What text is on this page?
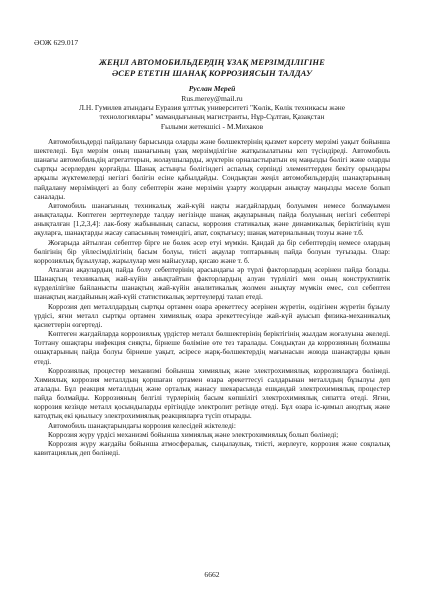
ӘОЖ 629.017
ЖЕҢІЛ АВТОМОБИЛЬДЕРДІҢ ҰЗАҚ МЕРЗІМДІЛІГІНЕ
ӘСЕР ЕТЕТІН ШАНАҚ КОРРОЗИЯСЫН ТАЛДАУ
Руслан Мерей
Rus.merey@mail.ru
Л.Н. Гумилев атындағы Еуразия ұлттық университеті "Көлік, Көлік техникасы және
технологиялары" мамандығының магистранты, Нұр-Сұлтан, Қазақстан
Ғылыми жетекшісі - М.Михаков

Автомобильдерді пайдалану барысында оларды және бөлшектерінің қызмет көрсету мерзімі уақыт бойынша шектеледі. Бұл мерзім оның шанағының ұзақ мерзімділігіне жатқызылатыны кеп түсіндіреді. Автомобиль шанағы автомобильдің агрегаттерын, жолаушыларды, жүктерін орналастыратын ең маңызды бөлігі және оларды сыртқы әсерлерден қорғайды. Шанақ астыңғы бөлігіндегі аспалық серпінді элементтерден бекіту орындары арқылы жүктемелерді негізгі бөлігін есіне қабылдайды. Сондықтан жеңіл автомобильдердің шанақтарының пайдалану мерзіміндегі аз болу себептерін және мерзімін ұзарту жолдарын анықтау маңызды мәселе болып саналады.

Автомобиль шанағының техникалық жай-күйі нақты жағдайлардың болуымен немесе болмауымен анықталады. Көптеген зерттеулерде талдау негізінде шанақ ақауларының пайда болуының негізгі себептері анықталған [1,2,3,4]: лак-бояу жабынының сапасы, коррозия статикалық және динамикалық беріктігінің күш ақуларға, шанақтарды жасау сапасының төмендігі, апат, соқтығысу; шанақ материалының тозуы және т.б.

Жоғарыда айтылған себептер бірге не бөлек әсер етуі мүмкін. Қандай да бір себептердің немесе олардың бөлігінің бір уйлесімділігінің басым болуы, тиісті ақаулар топтарының пайда болуын туғызады. Олар: коррозиялық бұзылулар, жарылулар мен майысулар, қисаю және т. б.

Аталған ақаулардың пайда болу себептерінің арасындағы әр түрлі факторлардың әсерінен пайда болады. Шанақтың техникалық жай-күйін анықтайтын факторлардың алуан түрлілігі мен оның конструктивтік күрделілігіне байланысты шанақтың жай-күйін аналитикалық жолмен анықтау мүмкін емес, сол себептен шанақтың жағдайының жай-күйі статистикалық зерттеулерді талап етеді.

Коррозия деп металлдардың сыртқы ортамен өзара әрекеттесу әсерінен жүретін, өздігінен жүретін бұзылу үрдісі, яғни металл сыртқы ортамен химиялық өзара әрекеттесуінде жай-күй ауысып физика-механикалық қасиеттерін өзгертеді.

Көптеген жағдайларда коррозиялық үрдістер металл бөлшектерінің беріктігінің жылдам жоғалуына әкеледі. Тоттану ошақтары инфекция сияқты, бірнеше бөліміне өте тез таралады. Сондықтан да коррозияның болмашы ошақтарының пайда болуы бірнеше уақыт, әсіресе жарқ-бөлшектердің мағынасын жоюда шанақтарды қиын етеді.

Коррозиялық процестер механизмі бойынша химиялық және электрохимиялық коррозияларға бөлінеді. Химиялық коррозия металлдың қоршаған ортамен өзара әрекеттесуі салдарынан металлдың бұзылуы деп аталады. Бұл реакция металлдың және орталық жанасу шекарасында ешқандай электрохимиялық процестер пайда болмайды. Коррозияның белгілі түрлерінің басым көпшілігі электрохимиялық сипатта өтеді. Яғни, коррозия кезінде металл қосындыларды ерітіндіде электролит ретінде өтеді. Бұл өзара іс-қимыл анодтық және катодтық екі қиылысу электрохимиялық реакцияларға түсіп отырады.

Автомобиль шанақтарындағы коррозия келесідей жіктеледі:

Коррозия жүру үрдісі механизмі бойынша химиялық және электрохимиялық болып бөлінеді;

Коррозия жүру жағдайы бойынша атмосфералық, сыңылаулық, тиісті, жерлеуге, коррозия және соқпалық кавитациялық деп бөлінеді.

6662
